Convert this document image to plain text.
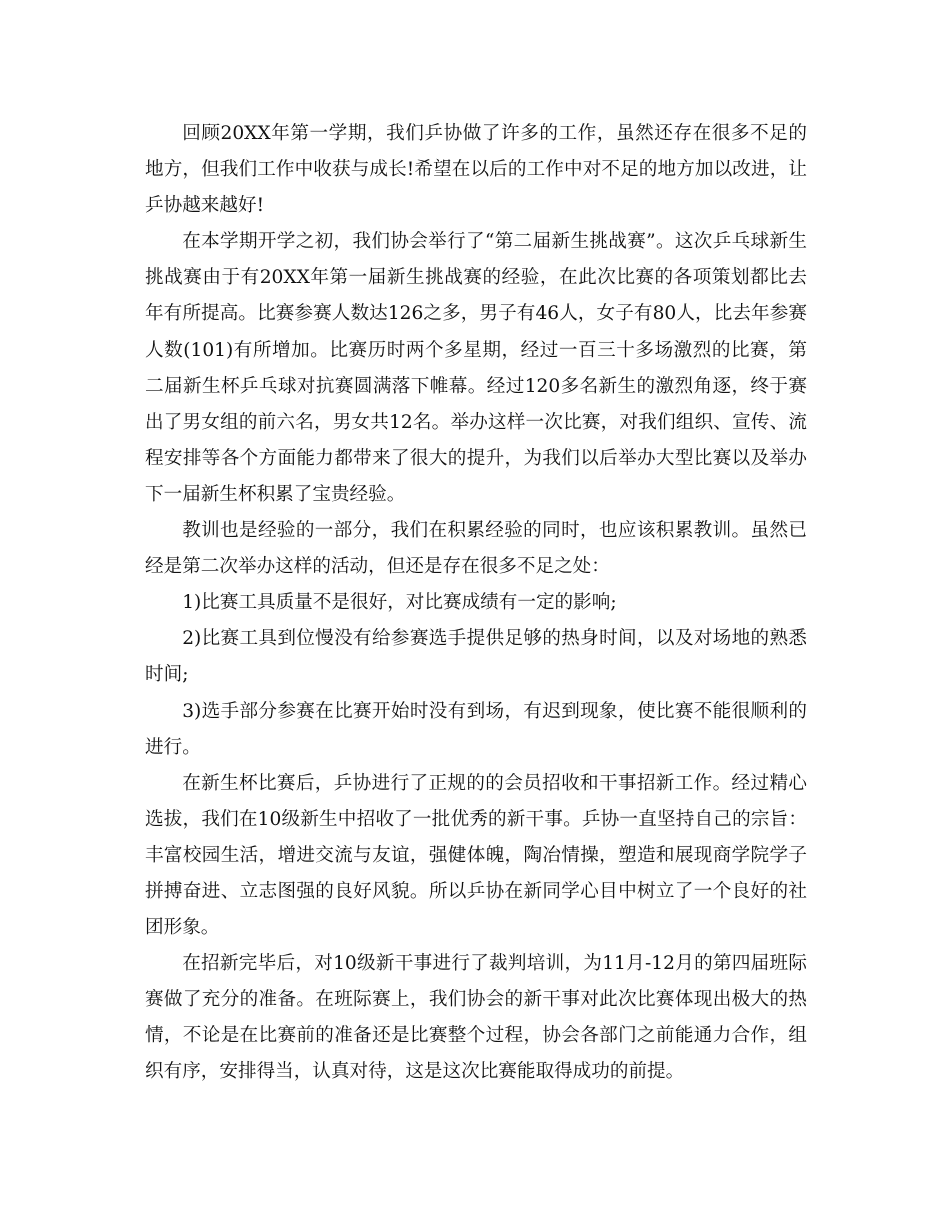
回顾20XX年第一学期，我们乒协做了许多的工作，虽然还存在很多不足的地方，但我们工作中收获与成长!希望在以后的工作中对不足的地方加以改进，让乒协越来越好!

在本学期开学之初，我们协会举行了“第二届新生挑战赛”。这次乒乓球新生挑战赛由于有20XX年第一届新生挑战赛的经验，在此次比赛的各项策划都比去年有所提高。比赛参赛人数达126之多，男子有46人，女子有80人，比去年参赛人数(101)有所增加。比赛历时两个多星期，经过一百三十多场激烈的比赛，第二届新生杯乒乓球对抗赛圆满落下帷幕。经过120多名新生的激烈角逐，终于赛出了男女组的前六名，男女共12名。举办这样一次比赛，对我们组织、宣传、流程安排等各个方面能力都带来了很大的提升，为我们以后举办大型比赛以及举办下一届新生杯积累了宝贵经验。

教训也是经验的一部分，我们在积累经验的同时，也应该积累教训。虽然已经是第二次举办这样的活动，但还是存在很多不足之处：

1)比赛工具质量不是很好，对比赛成绩有一定的影响;

2)比赛工具到位慢没有给参赛选手提供足够的热身时间，以及对场地的熟悉时间;

3)选手部分参赛在比赛开始时没有到场，有迟到现象，使比赛不能很顺利的进行。

在新生杯比赛后，乒协进行了正规的的会员招收和干事招新工作。经过精心选拔，我们在10级新生中招收了一批优秀的新干事。乒协一直坚持自己的宗旨：丰富校园生活，增进交流与友谊，强健体魄，陶冶情操，塑造和展现商学院学子拼搏奋进、立志图强的良好风貌。所以乒协在新同学心目中树立了一个良好的社团形象。

在招新完毕后，对10级新干事进行了裁判培训，为11月-12月的第四届班际赛做了充分的准备。在班际赛上，我们协会的新干事对此次比赛体现出极大的热情，不论是在比赛前的准备还是比赛整个过程，协会各部门之前能通力合作，组织有序，安排得当，认真对待，这是这次比赛能取得成功的前提。
